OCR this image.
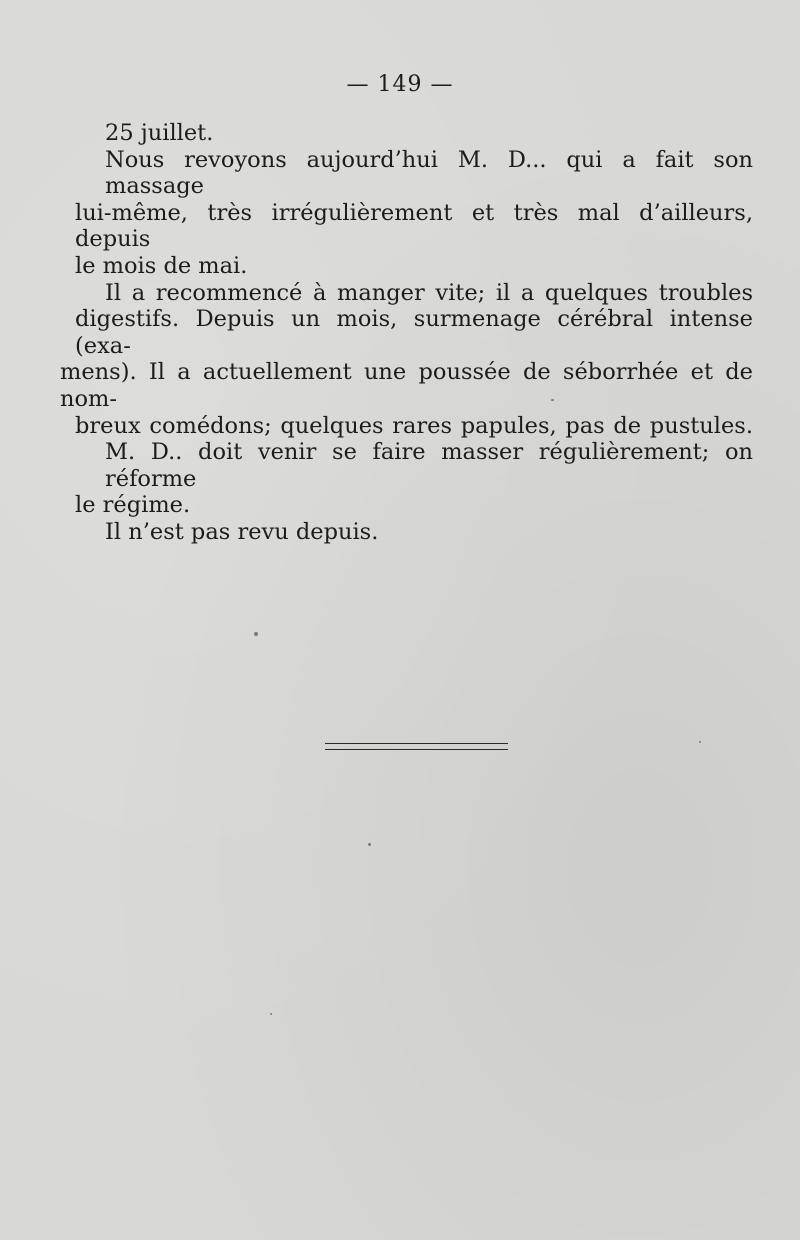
— 149 —
25 juillet.
Nous revoyons aujourd’hui M. D... qui a fait son massage
lui-même, très irrégulièrement et très mal d’ailleurs, depuis
le mois de mai.
Il a recommencé à manger vite; il a quelques troubles
digestifs. Depuis un mois, surmenage cérébral intense (exa-
mens). Il a actuellement une poussée de séborrhée et de nom-
breux comédons; quelques rares papules, pas de pustules.
M. D.. doit venir se faire masser régulièrement; on réforme
le régime.
Il n’est pas revu depuis.
